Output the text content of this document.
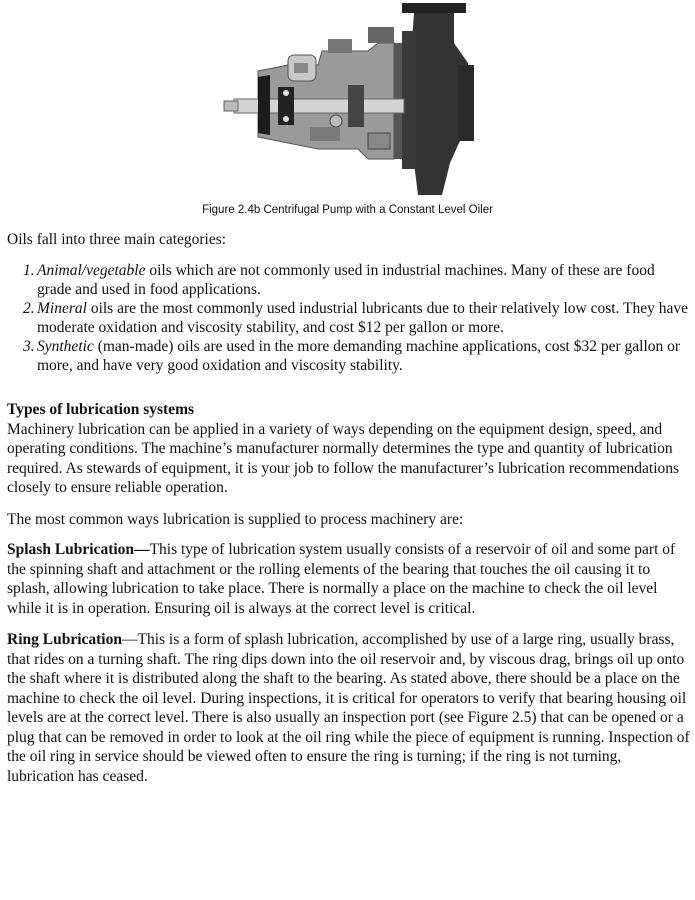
Figure 2.4b Centrifugal Pump with a Constant Level Oiler

Oils fall into three main categories:

1. Animal/vegetable oils which are not commonly used in industrial machines. Many of these are food grade and used in food applications.
2. Mineral oils are the most commonly used industrial lubricants due to their relatively low cost. They have moderate oxidation and viscosity stability, and cost $12 per gallon or more.
3. Synthetic (man-made) oils are used in the more demanding machine applications, cost $32 per gallon or more, and have very good oxidation and viscosity stability.
Types of lubrication systems

Machinery lubrication can be applied in a variety of ways depending on the equipment design, speed, and operating conditions. The machine’s manufacturer normally determines the type and quantity of lubrication required. As stewards of equipment, it is your job to follow the manufacturer’s lubrication recommendations closely to ensure reliable operation.

The most common ways lubrication is supplied to process machinery are:

Splash Lubrication—This type of lubrication system usually consists of a reservoir of oil and some part of the spinning shaft and attachment or the rolling elements of the bearing that touches the oil causing it to splash, allowing lubrication to take place. There is normally a place on the machine to check the oil level while it is in operation. Ensuring oil is always at the correct level is critical.

Ring Lubrication—This is a form of splash lubrication, accomplished by use of a large ring, usually brass, that rides on a turning shaft. The ring dips down into the oil reservoir and, by viscous drag, brings oil up onto the shaft where it is distributed along the shaft to the bearing. As stated above, there should be a place on the machine to check the oil level. During inspections, it is critical for operators to verify that bearing housing oil levels are at the correct level. There is also usually an inspection port (see Figure 2.5) that can be opened or a plug that can be removed in order to look at the oil ring while the piece of equipment is running. Inspection of the oil ring in service should be viewed often to ensure the ring is turning; if the ring is not turning, lubrication has ceased.
